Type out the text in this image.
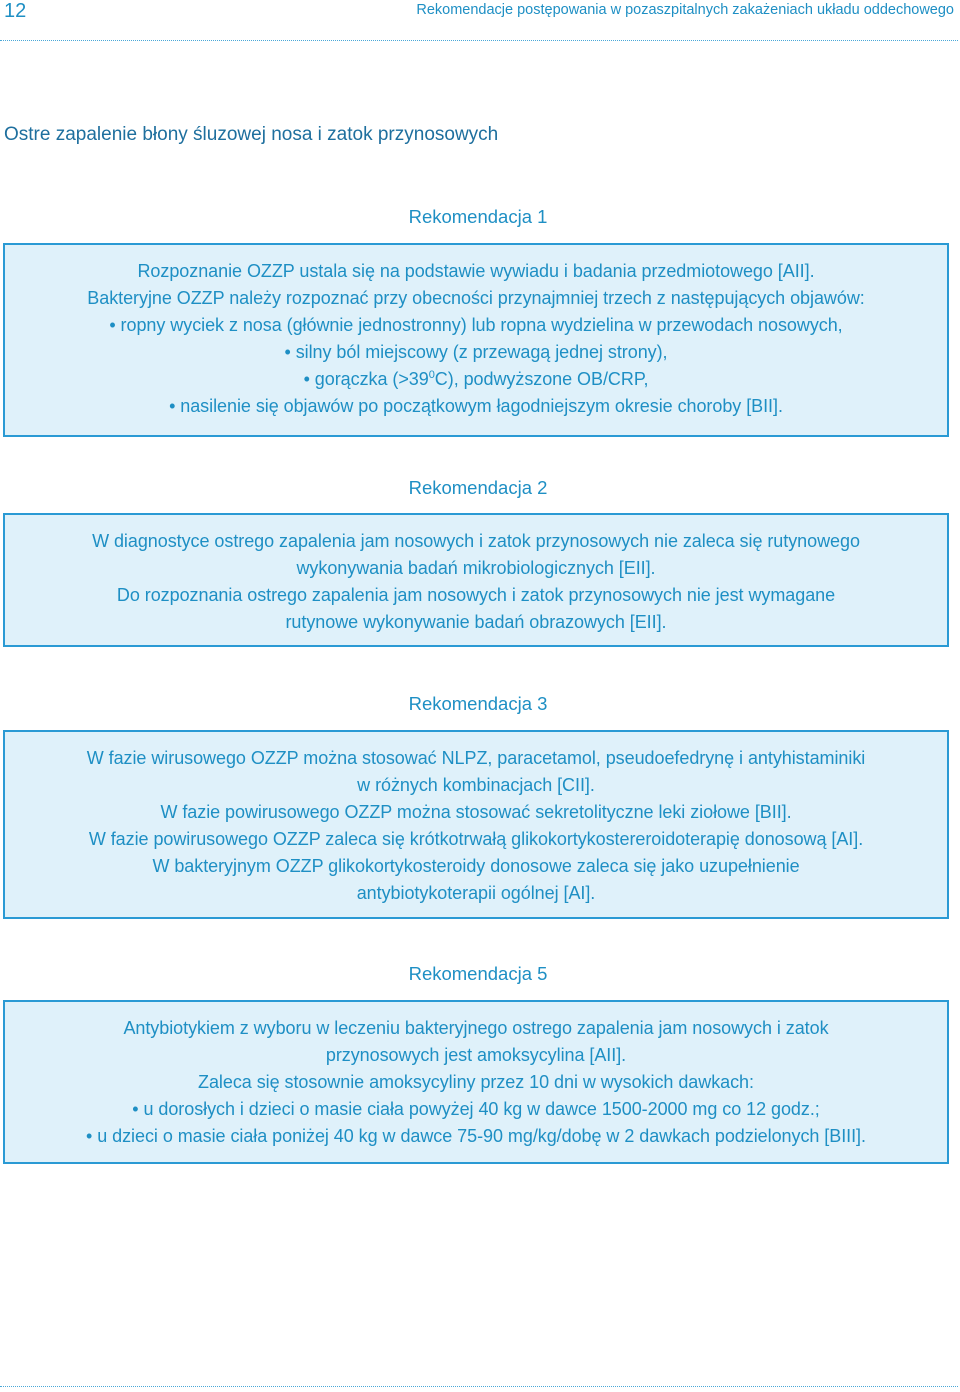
12	Rekomendacje postępowania w pozaszpitalnych zakażeniach układu oddechowego
Ostre zapalenie błony śluzowej nosa i zatok przynosowych
Rekomendacja 1
Rozpoznanie OZZP ustala się na podstawie wywiadu i badania przedmiotowego [AII].
Bakteryjne OZZP należy rozpoznać przy obecności przynajmniej trzech z następujących objawów:
• ropny wyciek z nosa (głównie jednostronny) lub ropna wydzielina w przewodach nosowych,
• silny ból miejscowy (z przewagą jednej strony),
• gorączka $(>39^0C)$, podwyższone OB/CRP,
• nasilenie się objawów po początkowym łagodniejszym okresie choroby [BII].
Rekomendacja 2
W diagnostyce ostrego zapalenia jam nosowych i zatok przynosowych nie zaleca się rutynowego
wykonywania badań mikrobiologicznych [EII].
Do rozpoznania ostrego zapalenia jam nosowych i zatok przynosowych nie jest wymagane
rutynowe wykonywanie badań obrazowych [EII].
Rekomendacja 3
W fazie wirusowego OZZP można stosować NLPZ, paracetamol, pseudoefedrynę i antyhistaminiki
w różnych kombinacjach [CII].
W fazie powirusowego OZZP można stosować sekretolityczne leki ziołowe [BII].
W fazie powirusowego OZZP zaleca się krótkotrwałą glikokortykostereroidoterapię donosową [AI].
W bakteryjnym OZZP glikokortykosteroidy donosowe zaleca się jako uzupełnienie
antybiotykoterapii ogólnej [AI].
Rekomendacja 5
Antybiotykiem z wyboru w leczeniu bakteryjnego ostrego zapalenia jam nosowych i zatok
przynosowych jest amoksycylina [AII].
Zaleca się stosownie amoksycyliny przez 10 dni w wysokich dawkach:
• u dorosłych i dzieci o masie ciała powyżej 40 kg w dawce 1500-2000 mg co 12 godz.;
• u dzieci o masie ciała poniżej 40 kg w dawce 75-90 mg/kg/dobę w 2 dawkach podzielonych [BIII].
